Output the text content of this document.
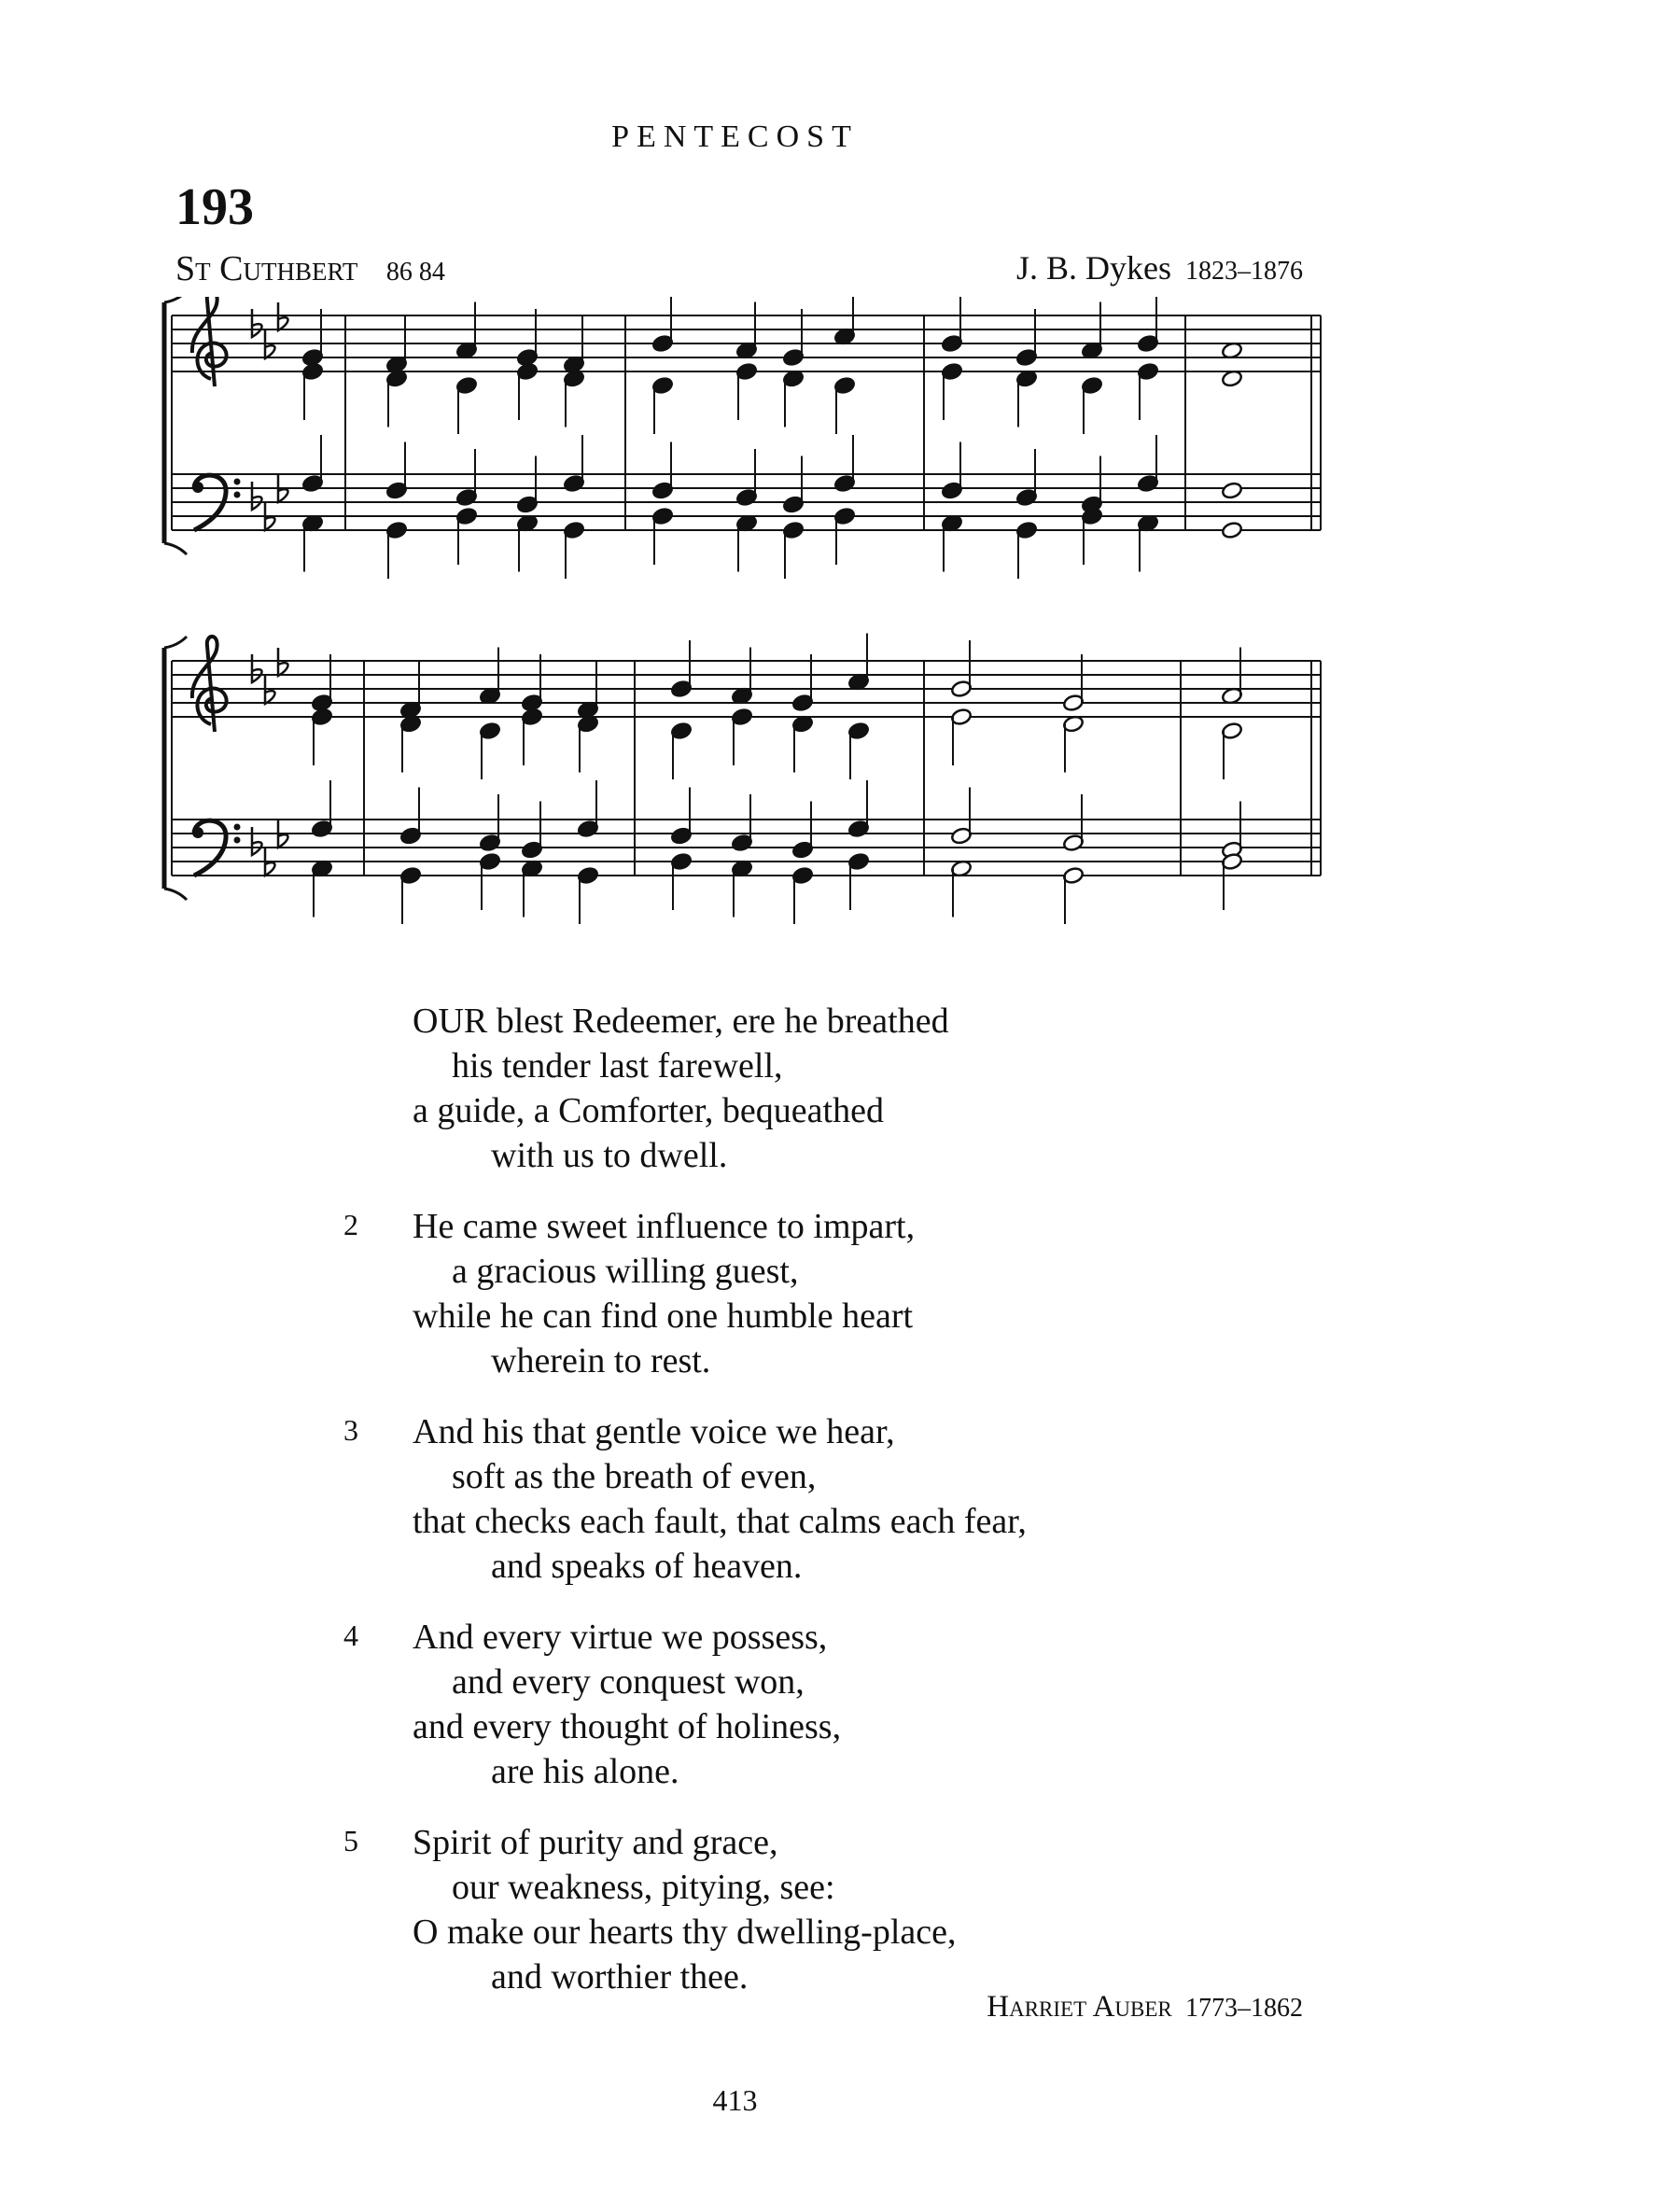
PENTECOST
193
St Cuthbert 86 84	J. B. Dykes 1823–1876

OUR blest Redeemer, ere he breathed

his tender last farewell,

a guide, a Comforter, bequeathed

with us to dwell.

2	He came sweet influence to impart,

a gracious willing guest,

while he can find one humble heart

wherein to rest.

3	And his that gentle voice we hear,

soft as the breath of even,

that checks each fault, that calms each fear,

and speaks of heaven.

4	And every virtue we possess,

and every conquest won,

and every thought of holiness,

are his alone.

5	Spirit of purity and grace,

our weakness, pitying, see:

O make our hearts thy dwelling-place,

and worthier thee.

Harriet Auber 1773–1862
413
